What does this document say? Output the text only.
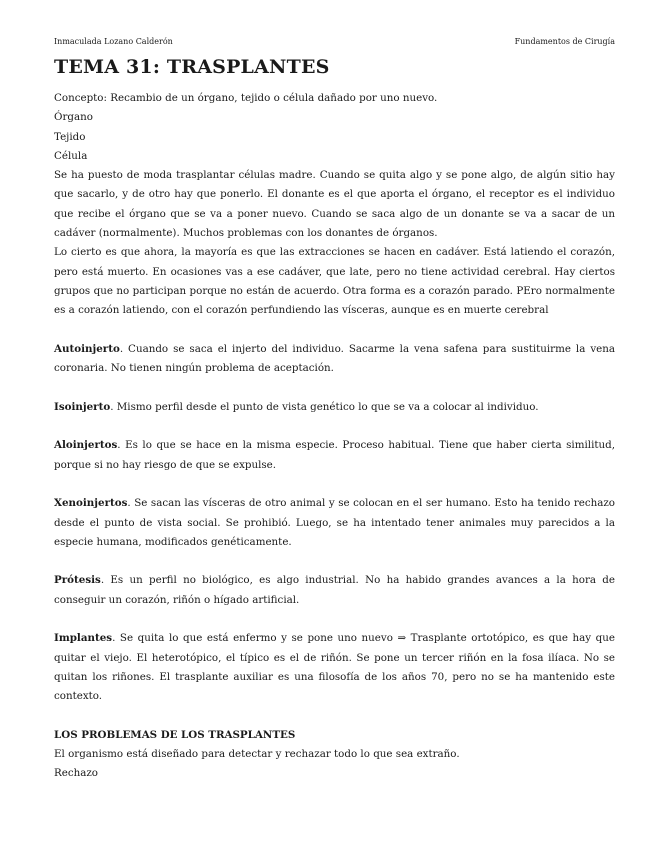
Inmaculada Lozano Calderón	Fundamentos de Cirugía
TEMA 31: TRASPLANTES

Concepto: Recambio de un órgano, tejido o célula dañado por uno nuevo.

Órgano

Tejido

Célula

Se ha puesto de moda trasplantar células madre. Cuando se quita algo y se pone algo, de algún sitio hay que sacarlo, y de otro hay que ponerlo. El donante es el que aporta el órgano, el receptor es el individuo que recibe el órgano que se va a poner nuevo. Cuando se saca algo de un donante se va a sacar de un cadáver (normalmente). Muchos problemas con los donantes de órganos.

Lo cierto es que ahora, la mayoría es que las extracciones se hacen en cadáver. Está latiendo el corazón, pero está muerto. En ocasiones vas a ese cadáver, que late, pero no tiene actividad cerebral. Hay ciertos grupos que no participan porque no están de acuerdo. Otra forma es a corazón parado. PEro normalmente es a corazón latiendo, con el corazón perfundiendo las vísceras, aunque es en muerte cerebral

Autoinjerto. Cuando se saca el injerto del individuo. Sacarme la vena safena para sustituirme la vena coronaria. No tienen ningún problema de aceptación.

Isoinjerto. Mismo perfil desde el punto de vista genético lo que se va a colocar al individuo.

Aloinjertos. Es lo que se hace en la misma especie. Proceso habitual. Tiene que haber cierta similitud, porque si no hay riesgo de que se expulse.

Xenoinjertos. Se sacan las vísceras de otro animal y se colocan en el ser humano. Esto ha tenido rechazo desde el punto de vista social. Se prohibió. Luego, se ha intentado tener animales muy parecidos a la especie humana, modificados genéticamente.

Prótesis. Es un perfil no biológico, es algo industrial. No ha habido grandes avances a la hora de conseguir un corazón, riñón o hígado artificial.

Implantes. Se quita lo que está enfermo y se pone uno nuevo ⇒ Trasplante ortotópico, es que hay que quitar el viejo. El heterotópico, el típico es el de riñón. Se pone un tercer riñón en la fosa ilíaca. No se quitan los riñones. El trasplante auxiliar es una filosofía de los años 70, pero no se ha mantenido este contexto.

LOS PROBLEMAS DE LOS TRASPLANTES

El organismo está diseñado para detectar y rechazar todo lo que sea extraño.

Rechazo
